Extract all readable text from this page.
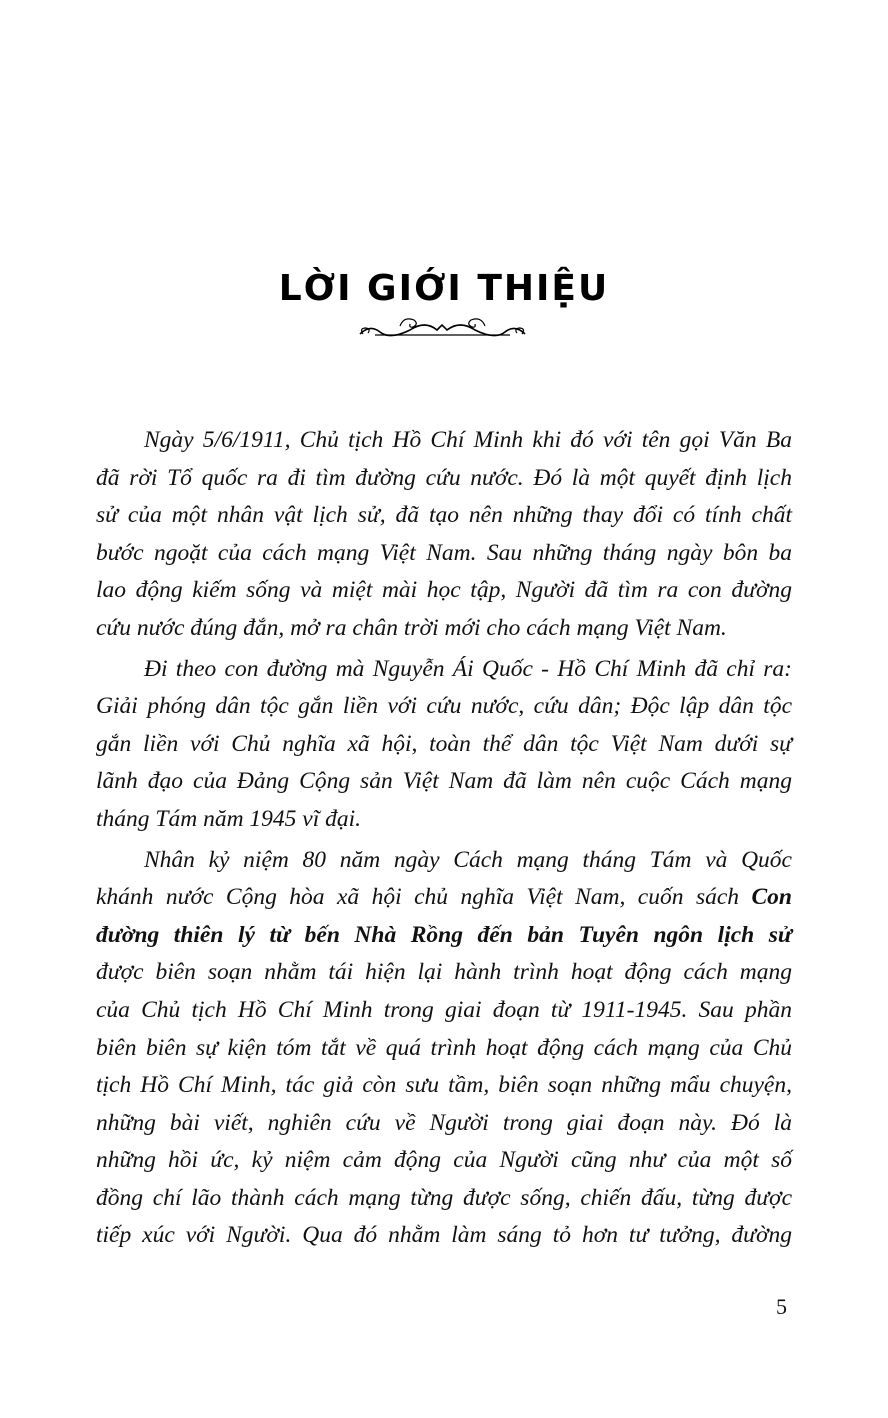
LỜI GIỚI THIỆU
Ngày 5/6/1911, Chủ tịch Hồ Chí Minh khi đó với tên gọi Văn Ba
đã rời Tổ quốc ra đi tìm đường cứu nước. Đó là một quyết định lịch
sử của một nhân vật lịch sử, đã tạo nên những thay đổi có tính chất
bước ngoặt của cách mạng Việt Nam. Sau những tháng ngày bôn ba
lao động kiếm sống và miệt mài học tập, Người đã tìm ra con đường
cứu nước đúng đắn, mở ra chân trời mới cho cách mạng Việt Nam.
Đi theo con đường mà Nguyễn Ái Quốc - Hồ Chí Minh đã chỉ ra:
Giải phóng dân tộc gắn liền với cứu nước, cứu dân; Độc lập dân tộc
gắn liền với Chủ nghĩa xã hội, toàn thể dân tộc Việt Nam dưới sự
lãnh đạo của Đảng Cộng sản Việt Nam đã làm nên cuộc Cách mạng
tháng Tám năm 1945 vĩ đại.
Nhân kỷ niệm 80 năm ngày Cách mạng tháng Tám và Quốc
khánh nước Cộng hòa xã hội chủ nghĩa Việt Nam, cuốn sách Con
đường thiên lý từ bến Nhà Rồng đến bản Tuyên ngôn lịch sử
được biên soạn nhằm tái hiện lại hành trình hoạt động cách mạng
của Chủ tịch Hồ Chí Minh trong giai đoạn từ 1911-1945. Sau phần
biên biên sự kiện tóm tắt về quá trình hoạt động cách mạng của Chủ
tịch Hồ Chí Minh, tác giả còn sưu tầm, biên soạn những mẩu chuyện,
những bài viết, nghiên cứu về Người trong giai đoạn này. Đó là
những hồi ức, kỷ niệm cảm động của Người cũng như của một số
đồng chí lão thành cách mạng từng được sống, chiến đấu, từng được
tiếp xúc với Người. Qua đó nhằm làm sáng tỏ hơn tư tưởng, đường
5
